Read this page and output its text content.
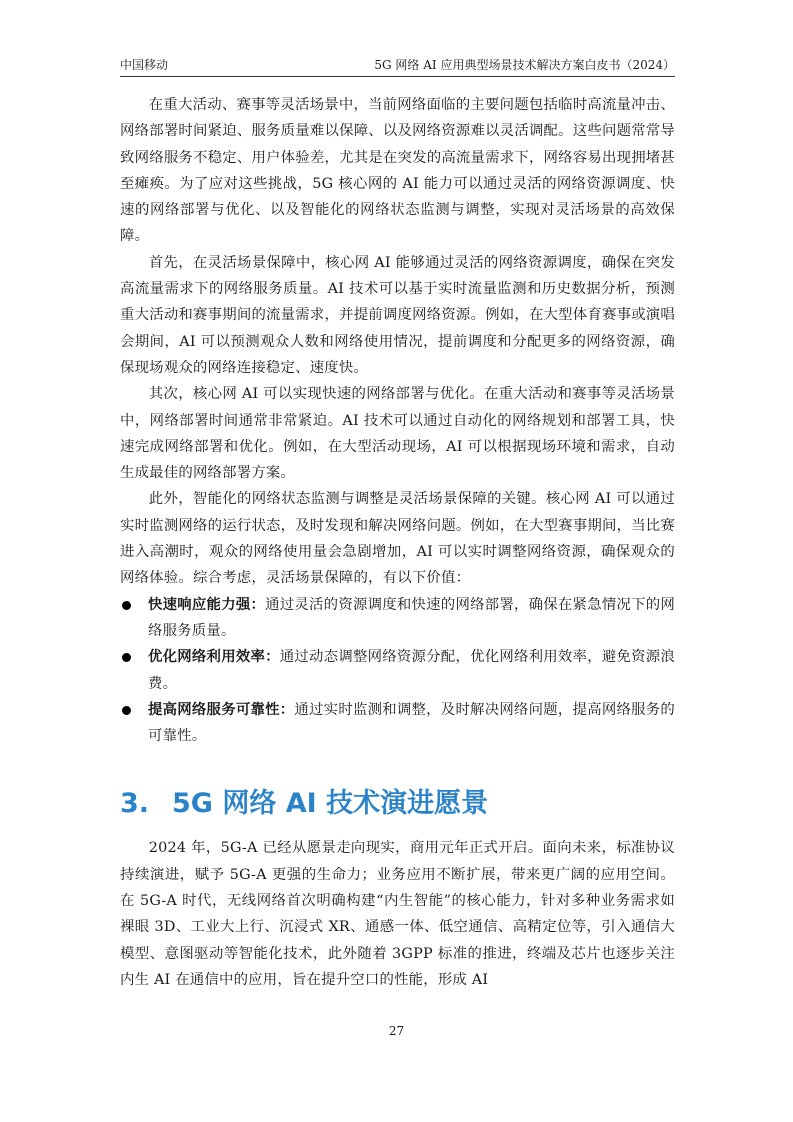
中国移动	5G 网络 AI 应用典型场景技术解决方案白皮书（2024）

在重大活动、赛事等灵活场景中，当前网络面临的主要问题包括临时高流量冲击、网络部署时间紧迫、服务质量难以保障、以及网络资源难以灵活调配。这些问题常常导致网络服务不稳定、用户体验差，尤其是在突发的高流量需求下，网络容易出现拥堵甚至瘫痪。为了应对这些挑战，5G 核心网的 AI 能力可以通过灵活的网络资源调度、快速的网络部署与优化、以及智能化的网络状态监测与调整，实现对灵活场景的高效保障。

首先，在灵活场景保障中，核心网 AI 能够通过灵活的网络资源调度，确保在突发高流量需求下的网络服务质量。AI 技术可以基于实时流量监测和历史数据分析，预测重大活动和赛事期间的流量需求，并提前调度网络资源。例如，在大型体育赛事或演唱会期间，AI 可以预测观众人数和网络使用情况，提前调度和分配更多的网络资源，确保现场观众的网络连接稳定、速度快。

其次，核心网 AI 可以实现快速的网络部署与优化。在重大活动和赛事等灵活场景中，网络部署时间通常非常紧迫。AI 技术可以通过自动化的网络规划和部署工具，快速完成网络部署和优化。例如，在大型活动现场，AI 可以根据现场环境和需求，自动生成最佳的网络部署方案。

此外，智能化的网络状态监测与调整是灵活场景保障的关键。核心网 AI 可以通过实时监测网络的运行状态，及时发现和解决网络问题。例如，在大型赛事期间，当比赛进入高潮时，观众的网络使用量会急剧增加，AI 可以实时调整网络资源，确保观众的网络体验。综合考虑，灵活场景保障的，有以下价值：

快速响应能力强：通过灵活的资源调度和快速的网络部署，确保在紧急情况下的网络服务质量。
优化网络利用效率：通过动态调整网络资源分配，优化网络利用效率，避免资源浪费。
提高网络服务可靠性：通过实时监测和调整，及时解决网络问题，提高网络服务的可靠性。
3. 5G 网络 AI 技术演进愿景

2024 年，5G-A 已经从愿景走向现实，商用元年正式开启。面向未来，标准协议持续演进，赋予 5G-A 更强的生命力；业务应用不断扩展，带来更广阔的应用空间。在 5G-A 时代，无线网络首次明确构建“内生智能”的核心能力，针对多种业务需求如裸眼 3D、工业大上行、沉浸式 XR、通感一体、低空通信、高精定位等，引入通信大模型、意图驱动等智能化技术，此外随着 3GPP 标准的推进，终端及芯片也逐步关注内生 AI 在通信中的应用，旨在提升空口的性能，形成 AI

27
